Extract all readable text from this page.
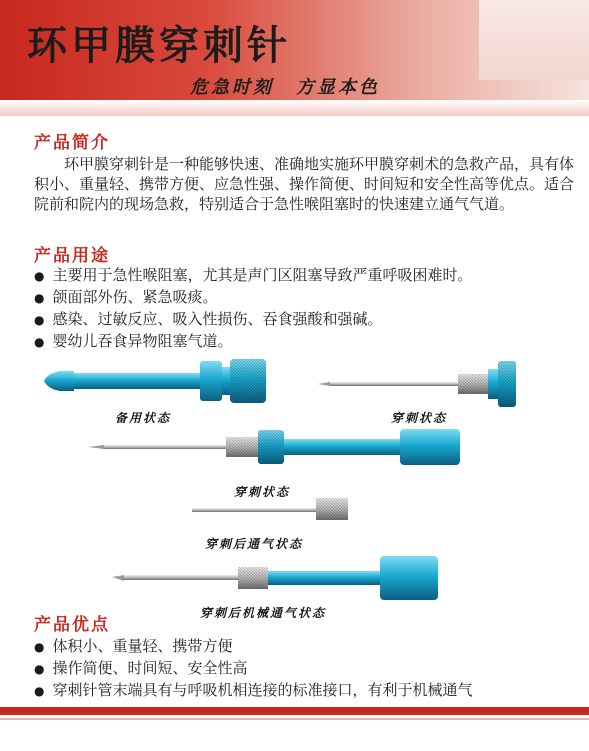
环甲膜穿刺针

危急时刻 方显本色

产品简介

环甲膜穿刺针是一种能够快速、准确地实施环甲膜穿刺术的急救产品，具有体积小、重量轻、携带方便、应急性强、操作简便、时间短和安全性高等优点。适合院前和院内的现场急救，特别适合于急性喉阻塞时的快速建立通气气道。

产品用途
● 主要用于急性喉阻塞，尤其是声门区阻塞导致严重呼吸困难时。
● 颌面部外伤、紧急吸痰。
● 感染、过敏反应、吸入性损伤、吞食强酸和强碱。
● 婴幼儿吞食异物阻塞气道。

备用状态	穿刺状态

穿刺状态

穿刺后通气状态

穿刺后机械通气状态

产品优点
● 体积小、重量轻、携带方便
● 操作简便、时间短、安全性高
● 穿刺针管末端具有与呼吸机相连接的标准接口，有利于机械通气
